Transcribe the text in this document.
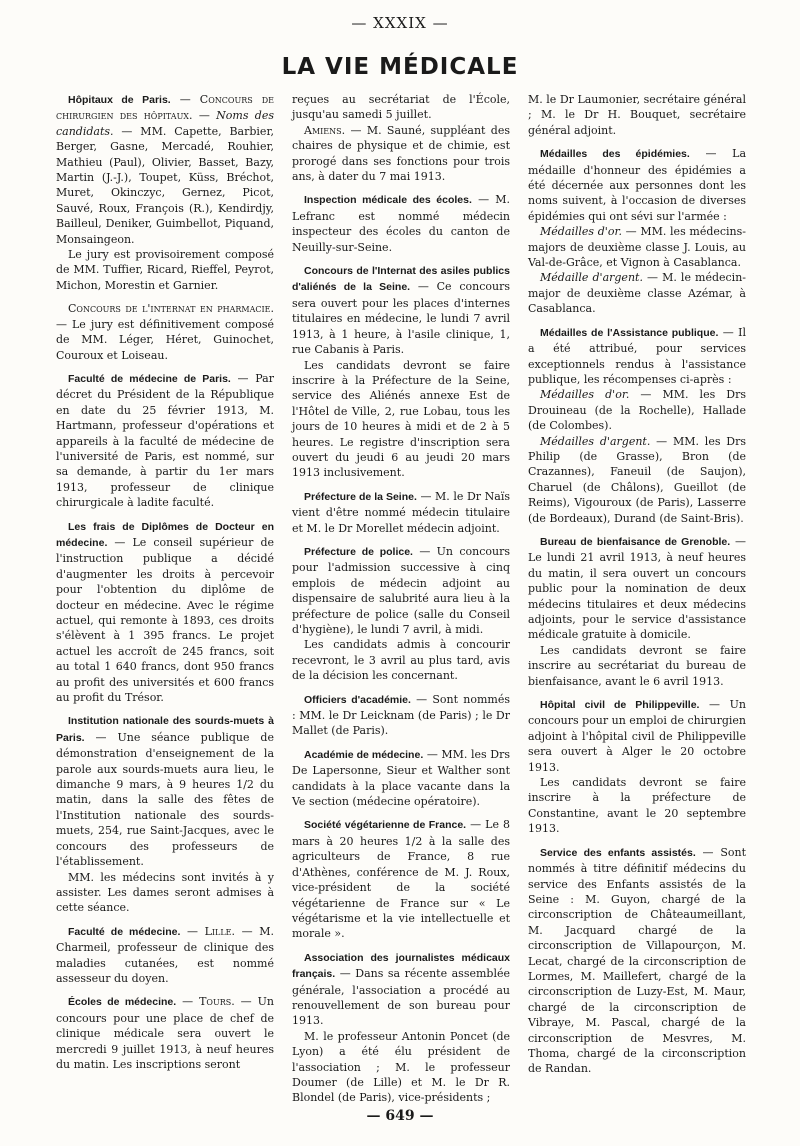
— XXXIX —
LA VIE MÉDICALE

Hôpitaux de Paris. — Concours de chirurgien des hôpitaux. — Noms des candidats. — MM. Capette, Barbier, Berger, Gasne, Mercadé, Rouhier, Mathieu (Paul), Olivier, Basset, Bazy, Martin (J.-J.), Toupet, Küss, Bréchot, Muret, Okinczyc, Gernez, Picot, Sauvé, Roux, François (R.), Kendirdjy, Bailleul, Deniker, Guimbellot, Piquand, Monsaingeon.

Le jury est provisoirement composé de MM. Tuffier, Ricard, Rieffel, Peyrot, Michon, Morestin et Garnier.

Concours de l'internat en pharmacie. — Le jury est définitivement composé de MM. Léger, Héret, Guinochet, Couroux et Loiseau.

Faculté de médecine de Paris. — Par décret du Président de la République en date du 25 février 1913, M. Hartmann, professeur d'opérations et appareils à la faculté de médecine de l'université de Paris, est nommé, sur sa demande, à partir du 1er mars 1913, professeur de clinique chirurgicale à ladite faculté.

Les frais de Diplômes de Docteur en médecine. — Le conseil supérieur de l'instruction publique a décidé d'augmenter les droits à percevoir pour l'obtention du diplôme de docteur en médecine. Avec le régime actuel, qui remonte à 1893, ces droits s'élèvent à 1 395 francs. Le projet actuel les accroît de 245 francs, soit au total 1 640 francs, dont 950 francs au profit des universités et 600 francs au profit du Trésor.

Institution nationale des sourds-muets à Paris. — Une séance publique de démonstration d'enseignement de la parole aux sourds-muets aura lieu, le dimanche 9 mars, à 9 heures 1/2 du matin, dans la salle des fêtes de l'Institution nationale des sourds-muets, 254, rue Saint-Jacques, avec le concours des professeurs de l'établissement.

MM. les médecins sont invités à y assister. Les dames seront admises à cette séance.

Faculté de médecine. — Lille. — M. Charmeil, professeur de clinique des maladies cutanées, est nommé assesseur du doyen.

Écoles de médecine. — Tours. — Un concours pour une place de chef de clinique médicale sera ouvert le mercredi 9 juillet 1913, à neuf heures du matin. Les inscriptions seront

reçues au secrétariat de l'École, jusqu'au samedi 5 juillet.

Amiens. — M. Sauné, suppléant des chaires de physique et de chimie, est prorogé dans ses fonctions pour trois ans, à dater du 7 mai 1913.

Inspection médicale des écoles. — M. Lefranc est nommé médecin inspecteur des écoles du canton de Neuilly-sur-Seine.

Concours de l'Internat des asiles publics d'aliénés de la Seine. — Ce concours sera ouvert pour les places d'internes titulaires en médecine, le lundi 7 avril 1913, à 1 heure, à l'asile clinique, 1, rue Cabanis à Paris.

Les candidats devront se faire inscrire à la Préfecture de la Seine, service des Aliénés annexe Est de l'Hôtel de Ville, 2, rue Lobau, tous les jours de 10 heures à midi et de 2 à 5 heures. Le registre d'inscription sera ouvert du jeudi 6 au jeudi 20 mars 1913 inclusivement.

Préfecture de la Seine. — M. le Dr Naïs vient d'être nommé médecin titulaire et M. le Dr Morellet médecin adjoint.

Préfecture de police. — Un concours pour l'admission successive à cinq emplois de médecin adjoint au dispensaire de salubrité aura lieu à la préfecture de police (salle du Conseil d'hygiène), le lundi 7 avril, à midi.

Les candidats admis à concourir recevront, le 3 avril au plus tard, avis de la décision les concernant.

Officiers d'académie. — Sont nommés : MM. le Dr Leicknam (de Paris) ; le Dr Mallet (de Paris).

Académie de médecine. — MM. les Drs De Lapersonne, Sieur et Walther sont candidats à la place vacante dans la Ve section (médecine opératoire).

Société végétarienne de France. — Le 8 mars à 20 heures 1/2 à la salle des agriculteurs de France, 8 rue d'Athènes, conférence de M. J. Roux, vice-président de la société végétarienne de France sur « Le végétarisme et la vie intellectuelle et morale ».

Association des journalistes médicaux français. — Dans sa récente assemblée générale, l'association a procédé au renouvellement de son bureau pour 1913.

M. le professeur Antonin Poncet (de Lyon) a été élu président de l'association ; M. le professeur Doumer (de Lille) et M. le Dr R. Blondel (de Paris), vice-présidents ;

M. le Dr Laumonier, secrétaire général ; M. le Dr H. Bouquet, secrétaire général adjoint.

Médailles des épidémies. — La médaille d'honneur des épidémies a été décernée aux personnes dont les noms suivent, à l'occasion de diverses épidémies qui ont sévi sur l'armée :

Médailles d'or. — MM. les médecins-majors de deuxième classe J. Louis, au Val-de-Grâce, et Vignon à Casablanca.

Médaille d'argent. — M. le médecin-major de deuxième classe Azémar, à Casablanca.

Médailles de l'Assistance publique. — Il a été attribué, pour services exceptionnels rendus à l'assistance publique, les récompenses ci-après :

Médailles d'or. — MM. les Drs Drouineau (de la Rochelle), Hallade (de Colombes).

Médailles d'argent. — MM. les Drs Philip (de Grasse), Bron (de Crazannes), Faneuil (de Saujon), Charuel (de Châlons), Gueillot (de Reims), Vigouroux (de Paris), Lasserre (de Bordeaux), Durand (de Saint-Bris).

Bureau de bienfaisance de Grenoble. — Le lundi 21 avril 1913, à neuf heures du matin, il sera ouvert un concours public pour la nomination de deux médecins titulaires et deux médecins adjoints, pour le service d'assistance médicale gratuite à domicile.

Les candidats devront se faire inscrire au secrétariat du bureau de bienfaisance, avant le 6 avril 1913.

Hôpital civil de Philippeville. — Un concours pour un emploi de chirurgien adjoint à l'hôpital civil de Philippeville sera ouvert à Alger le 20 octobre 1913.

Les candidats devront se faire inscrire à la préfecture de Constantine, avant le 20 septembre 1913.

Service des enfants assistés. — Sont nommés à titre définitif médecins du service des Enfants assistés de la Seine : M. Guyon, chargé de la circonscription de Châteaumeillant, M. Jacquard chargé de la circonscription de Villapourçon, M. Lecat, chargé de la circonscription de Lormes, M. Maillefert, chargé de la circonscription de Luzy-Est, M. Maur, chargé de la circonscription de Vibraye, M. Pascal, chargé de la circonscription de Mesvres, M. Thoma, chargé de la circonscription de Randan.

— 649 —
